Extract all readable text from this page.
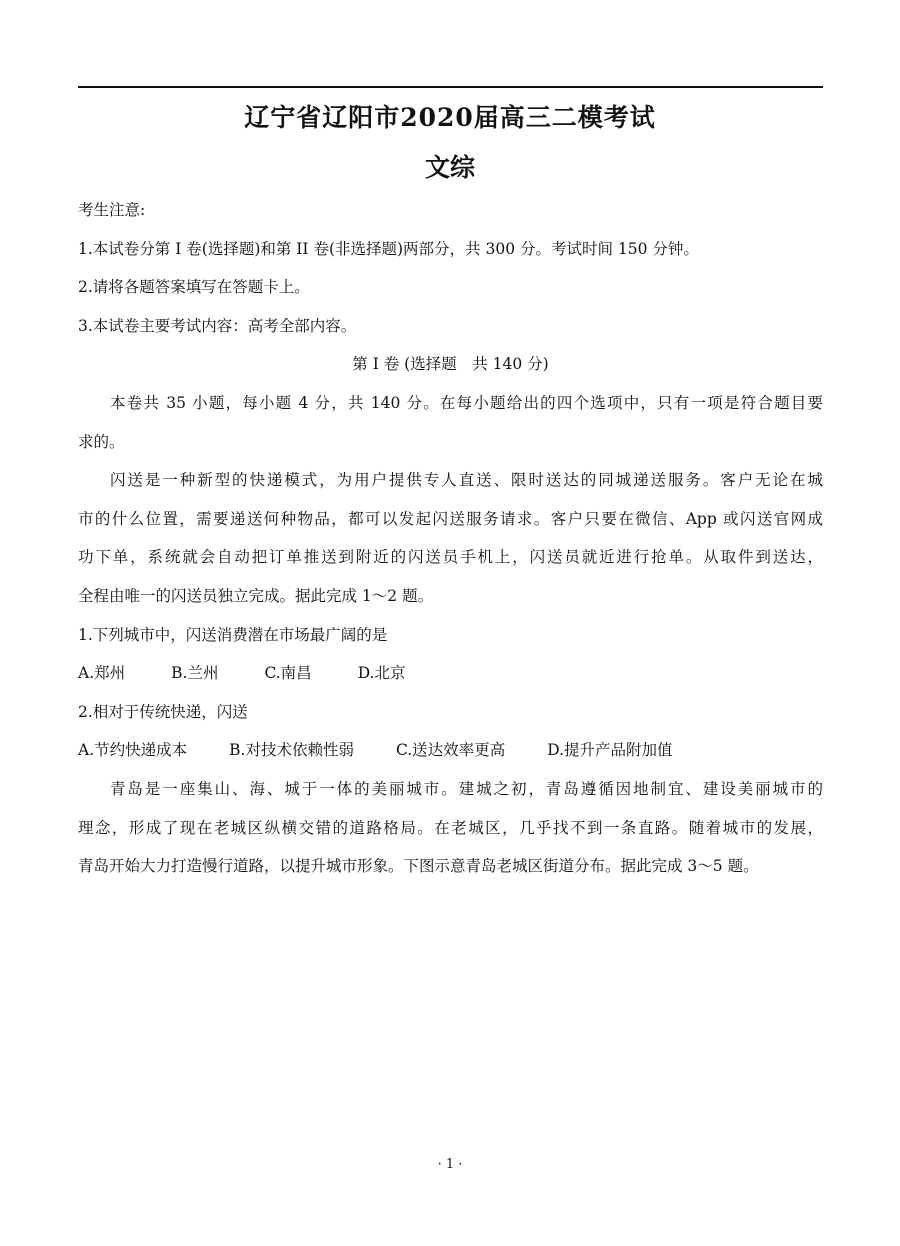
辽宁省辽阳市2020届高三二模考试
文综
考生注意:
1.本试卷分第 I 卷(选择题)和第 II 卷(非选择题)两部分，共 300 分。考试时间 150 分钟。
2.请将各题答案填写在答题卡上。
3.本试卷主要考试内容：高考全部内容。
第 I 卷 (选择题　共 140 分)
本卷共 35 小题，每小题 4 分，共 140 分。在每小题给出的四个选项中，只有一项是符合题目要
求的。
闪送是一种新型的快递模式，为用户提供专人直送、限时送达的同城递送服务。客户无论在城
市的什么位置，需要递送何种物品，都可以发起闪送服务请求。客户只要在微信、App 或闪送官网成
功下单，系统就会自动把订单推送到附近的闪送员手机上，闪送员就近进行抢单。从取件到送达，
全程由唯一的闪送员独立完成。据此完成 1～2 题。
1.下列城市中，闪送消费潜在市场最广阔的是
A.郑州	B.兰州	C.南昌	D.北京
2.相对于传统快递，闪送
A.节约快递成本	B.对技术依赖性弱	C.送达效率更高	D.提升产品附加值
青岛是一座集山、海、城于一体的美丽城市。建城之初，青岛遵循因地制宜、建设美丽城市的
理念，形成了现在老城区纵横交错的道路格局。在老城区，几乎找不到一条直路。随着城市的发展，
青岛开始大力打造慢行道路，以提升城市形象。下图示意青岛老城区街道分布。据此完成 3～5 题。
· 1 ·
